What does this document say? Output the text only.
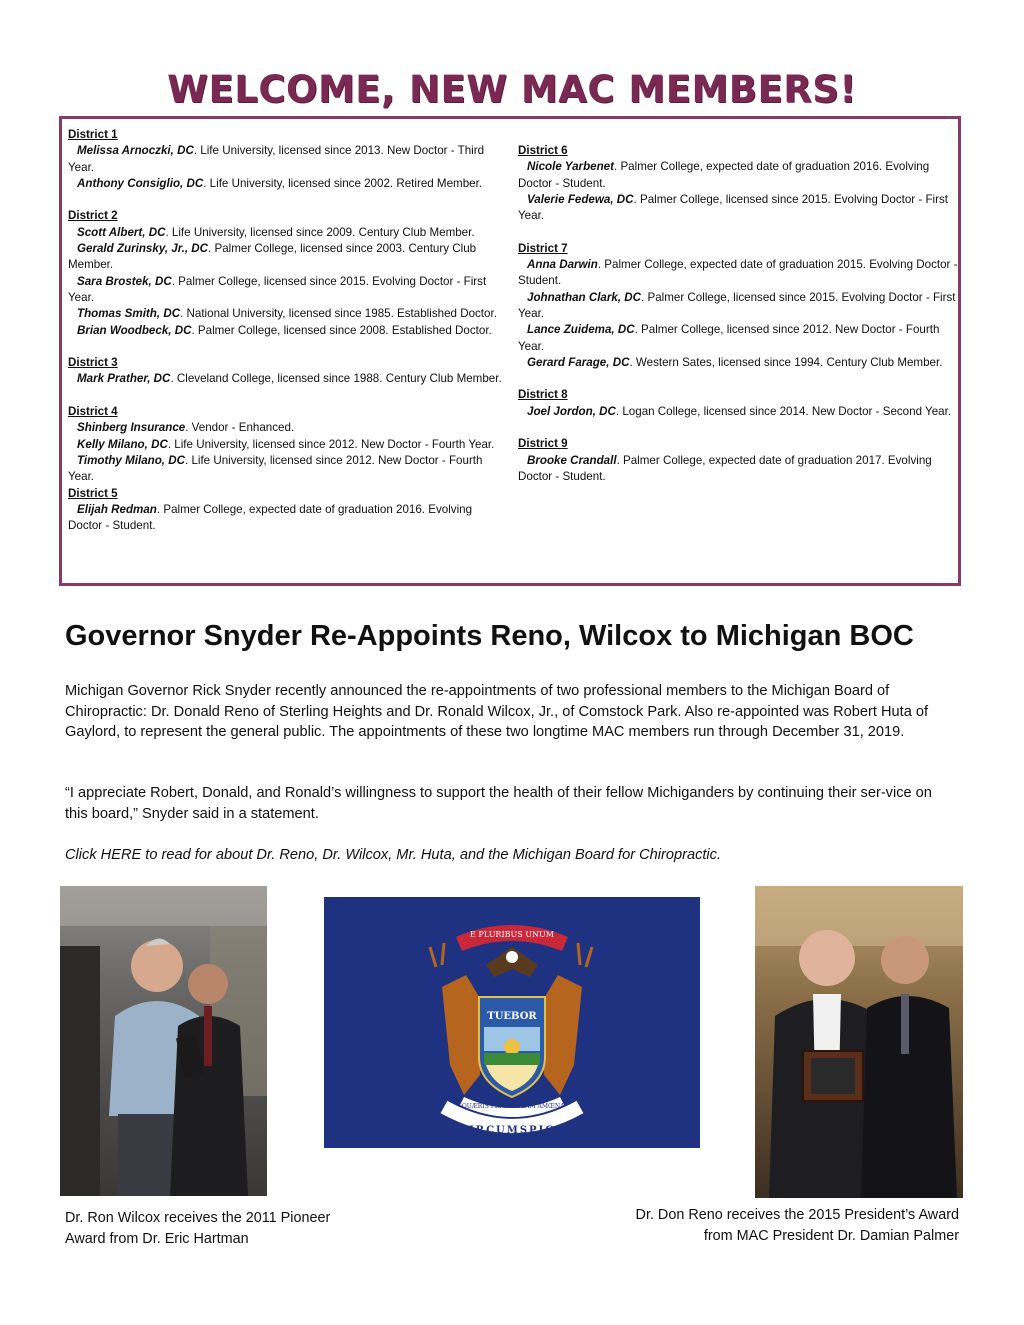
WELCOME, NEW MAC MEMBERS!
District 1
Melissa Arnoczki, DC. Life University, licensed since 2013. New Doctor - Third Year.
Anthony Consiglio, DC. Life University, licensed since 2002. Retired Member.
District 2
Scott Albert, DC. Life University, licensed since 2009. Century Club Member.
Gerald Zurinsky, Jr., DC. Palmer College, licensed since 2003. Century Club Member.
Sara Brostek, DC. Palmer College, licensed since 2015. Evolving Doctor - First Year.
Thomas Smith, DC. National University, licensed since 1985. Established Doctor.
Brian Woodbeck, DC. Palmer College, licensed since 2008. Established Doctor.
District 3
Mark Prather, DC. Cleveland College, licensed since 1988. Century Club Member.
District 4
Shinberg Insurance. Vendor - Enhanced.
Kelly Milano, DC. Life University, licensed since 2012. New Doctor - Fourth Year.
Timothy Milano, DC. Life University, licensed since 2012. New Doctor - Fourth Year.
District 5
Elijah Redman. Palmer College, expected date of graduation 2016. Evolving Doctor - Student.
District 6
Nicole Yarbenet. Palmer College, expected date of graduation 2016. Evolving Doctor - Student.
Valerie Fedewa, DC. Palmer College, licensed since 2015. Evolving Doctor - First Year.
District 7
Anna Darwin. Palmer College, expected date of graduation 2015. Evolving Doctor - Student.
Johnathan Clark, DC. Palmer College, licensed since 2015. Evolving Doctor - First Year.
Lance Zuidema, DC. Palmer College, licensed since 2012. New Doctor - Fourth Year.
Gerard Farage, DC. Western Sates, licensed since 1994. Century Club Member.
District 8
Joel Jordon, DC. Logan College, licensed since 2014. New Doctor - Second Year.
District 9
Brooke Crandall. Palmer College, expected date of graduation 2017. Evolving Doctor - Student.
Governor Snyder Re-Appoints Reno, Wilcox to Michigan BOC

Michigan Governor Rick Snyder recently announced the re-appointments of two professional members to the Michigan Board of Chiropractic: Dr. Donald Reno of Sterling Heights and Dr. Ronald Wilcox, Jr., of Comstock Park. Also re-appointed was Robert Huta of Gaylord, to represent the general public. The appointments of these two longtime MAC members run through December 31, 2019.

“I appreciate Robert, Donald, and Ronald’s willingness to support the health of their fellow Michiganders by continuing their ser-vice on this board,” Snyder said in a statement.

Click HERE to read for about Dr. Reno, Dr. Wilcox, Mr. Huta, and the Michigan Board for Chiropractic.

E PLURIBUS UNUM
TUEBOR
SI QUÆRIS PENINSULAM AMŒNAM
CIRCUMSPICE

Dr. Ron Wilcox receives the 2011 Pioneer Award from Dr. Eric Hartman

Dr. Don Reno receives the 2015 President’s Award from MAC President Dr. Damian Palmer
